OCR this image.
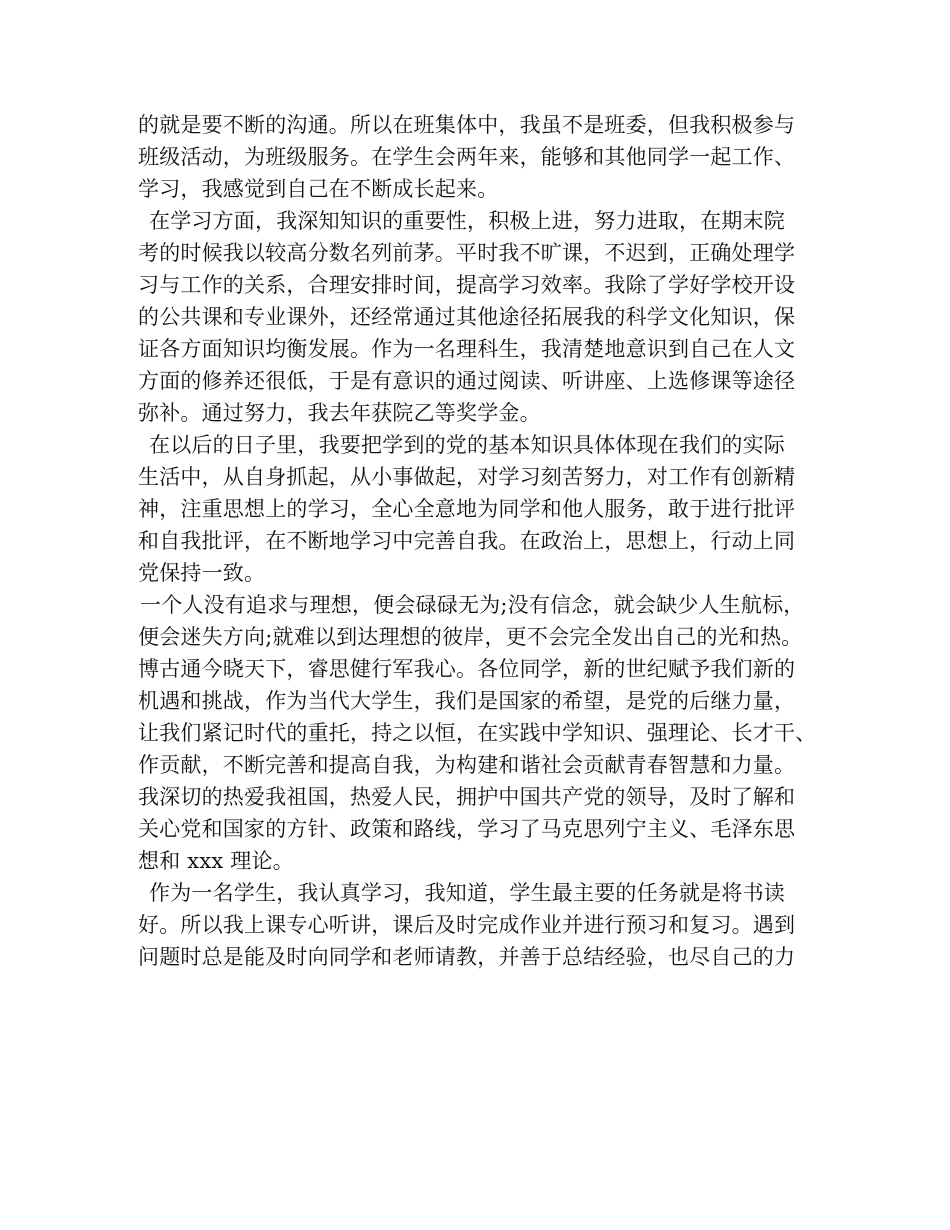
的就是要不断的沟通。所以在班集体中，我虽不是班委，但我积极参与
班级活动，为班级服务。在学生会两年来，能够和其他同学一起工作、
学习，我感觉到自己在不断成长起来。
在学习方面，我深知知识的重要性，积极上进，努力进取，在期末院
考的时候我以较高分数名列前茅。平时我不旷课，不迟到，正确处理学
习与工作的关系，合理安排时间，提高学习效率。我除了学好学校开设
的公共课和专业课外，还经常通过其他途径拓展我的科学文化知识，保
证各方面知识均衡发展。作为一名理科生，我清楚地意识到自己在人文
方面的修养还很低，于是有意识的通过阅读、听讲座、上选修课等途径
弥补。通过努力，我去年获院乙等奖学金。
在以后的日子里，我要把学到的党的基本知识具体体现在我们的实际
生活中，从自身抓起，从小事做起，对学习刻苦努力，对工作有创新精
神，注重思想上的学习，全心全意地为同学和他人服务，敢于进行批评
和自我批评，在不断地学习中完善自我。在政治上，思想上，行动上同
党保持一致。
一个人没有追求与理想，便会碌碌无为;没有信念，就会缺少人生航标，
便会迷失方向;就难以到达理想的彼岸，更不会完全发出自己的光和热。
博古通今晓天下，睿思健行军我心。各位同学，新的世纪赋予我们新的
机遇和挑战，作为当代大学生，我们是国家的希望，是党的后继力量，
让我们紧记时代的重托，持之以恒，在实践中学知识、强理论、长才干、
作贡献，不断完善和提高自我，为构建和谐社会贡献青春智慧和力量。
我深切的热爱我祖国，热爱人民，拥护中国共产党的领导，及时了解和
关心党和国家的方针、政策和路线，学习了马克思列宁主义、毛泽东思
想和 xxx 理论。
作为一名学生，我认真学习，我知道，学生最主要的任务就是将书读
好。所以我上课专心听讲，课后及时完成作业并进行预习和复习。遇到
问题时总是能及时向同学和老师请教，并善于总结经验，也尽自己的力
